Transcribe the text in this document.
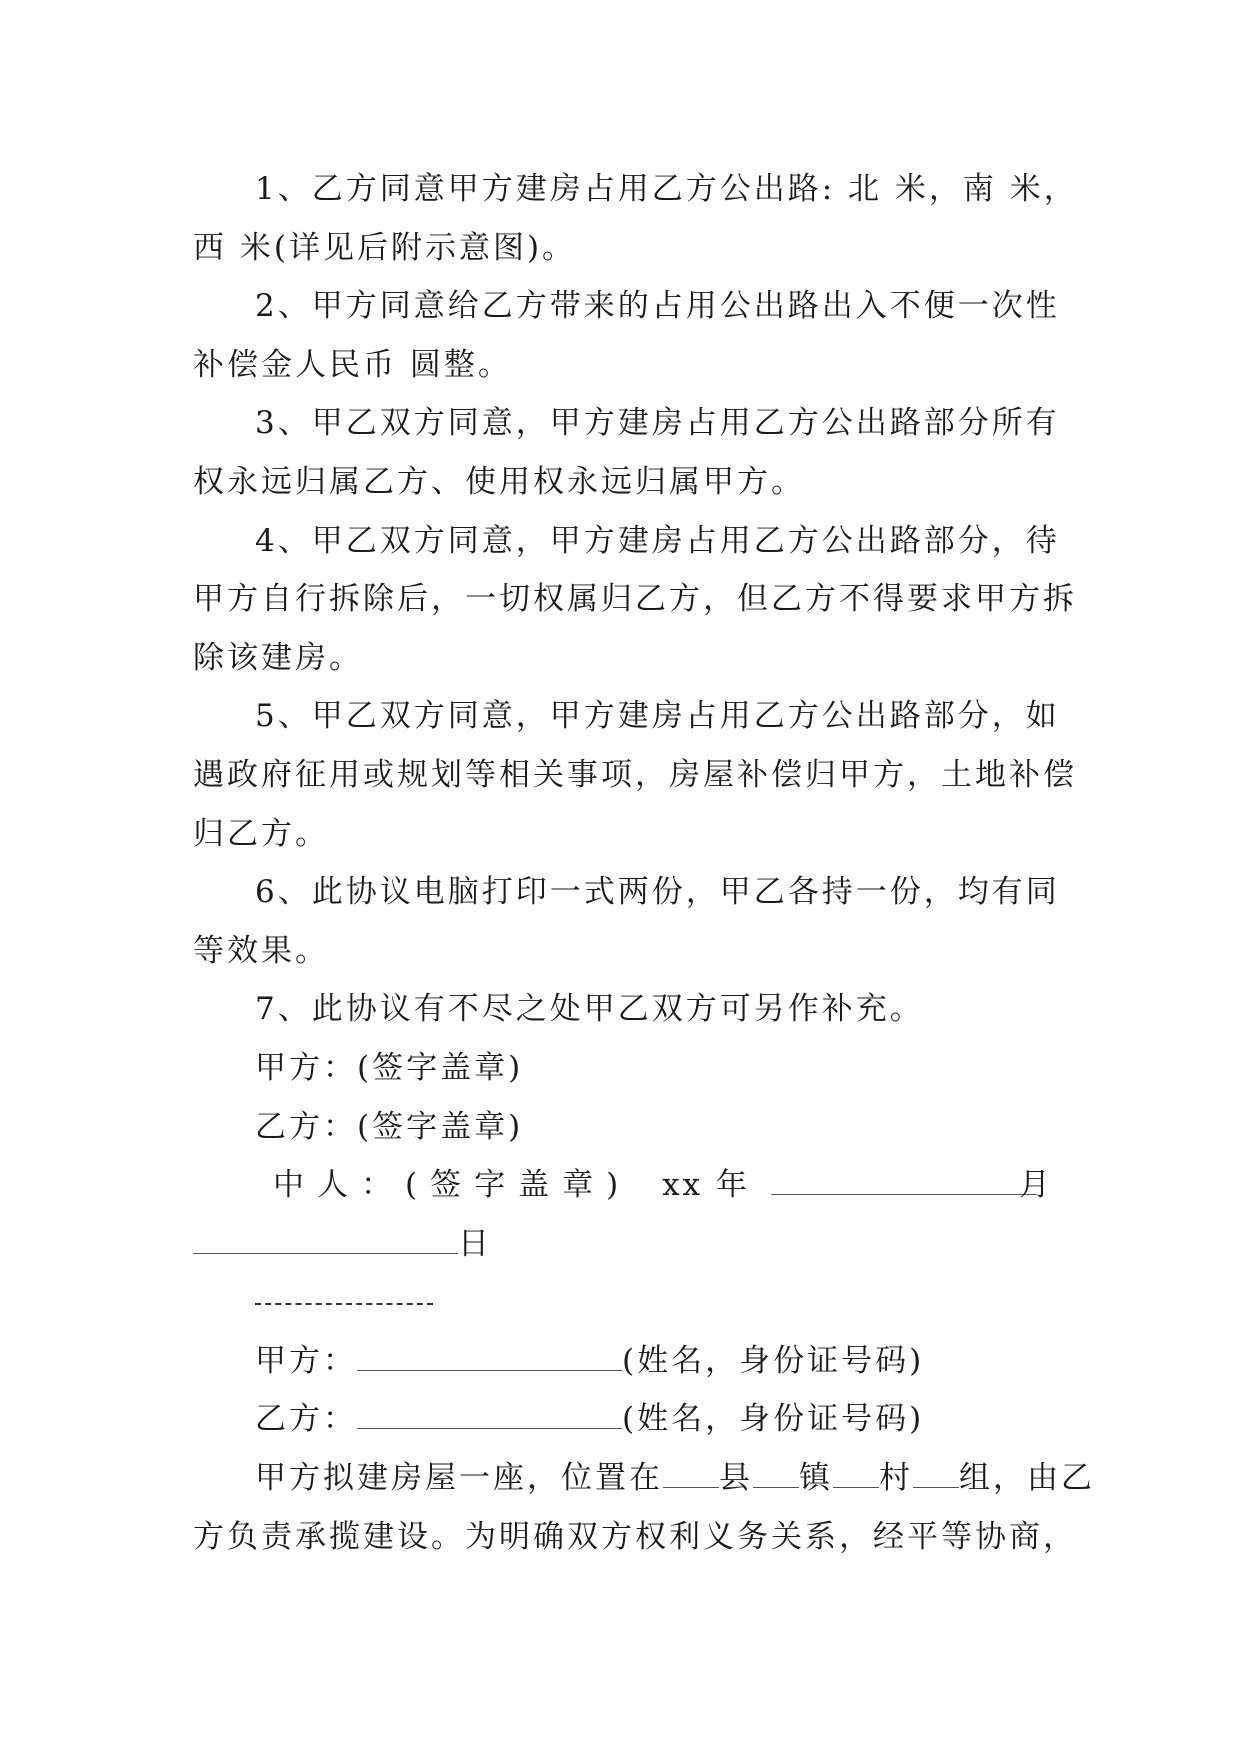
1、乙方同意甲方建房占用乙方公出路: 北 米，南 米，
西 米(详见后附示意图)。
2、甲方同意给乙方带来的占用公出路出入不便一次性
补偿金人民币 圆整。
3、甲乙双方同意，甲方建房占用乙方公出路部分所有
权永远归属乙方、使用权永远归属甲方。
4、甲乙双方同意，甲方建房占用乙方公出路部分，待
甲方自行拆除后，一切权属归乙方，但乙方不得要求甲方拆
除该建房。
5、甲乙双方同意，甲方建房占用乙方公出路部分，如
遇政府征用或规划等相关事项，房屋补偿归甲方，土地补偿
归乙方。
6、此协议电脑打印一式两份，甲乙各持一份，均有同
等效果。
7、此协议有不尽之处甲乙双方可另作补充。
甲方：(签字盖章)
乙方：(签字盖章)
中人：(签字盖章) xx 年	月
日
甲方：	(姓名，身份证号码)
乙方：	(姓名，身份证号码)
甲方拟建房屋一座，位置在 县 镇 村 组，由乙
方负责承揽建设。为明确双方权利义务关系，经平等协商，
